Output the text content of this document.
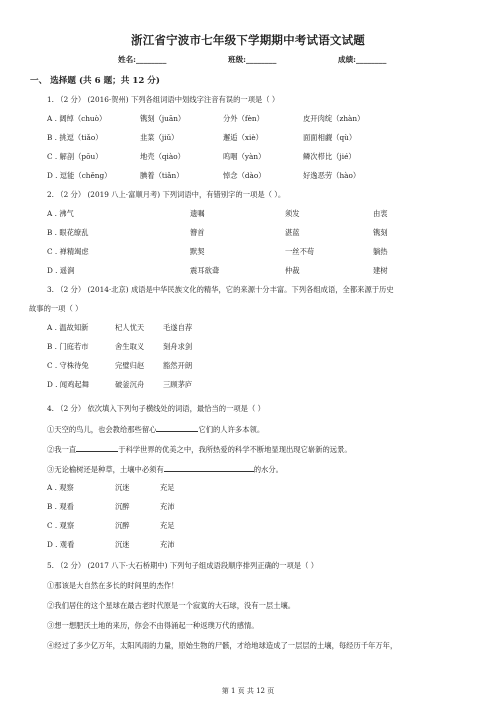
浙江省宁波市七年级下学期期中考试语文试题
姓名:________	班级:________	成绩:________
一、 选择题 (共 6 题；共 12 分)
1. （2 分） (2016·贺州) 下列各组词语中划线字注音有误的一项是（ ）
A . 阔绰（chuò）	镌刻（juān）	分外（fèn）	皮开肉绽（zhàn）
B . 挑逗（tiǎo）	韭菜（jiǔ）	邂逅（xiè）	面面相觑（qù）
C . 解剖（pōu）	地壳（qiào）	呜咽（yàn）	鳞次栉比（jié）
D . 逗能（chěng）	腆着（tiǎn）	悼念（dào）	好逸恶劳（hào）
2. （2 分） (2019 八上·富顺月考) 下列词语中，有错别字的一项是（ ）。
A . 沸气	遗嘱	须发	由衷
B . 眼花缭乱	簪首	湛蓝	镌刻
C . 禅精竭虑	默契	一丝不苟	躺热
D . 遥涧	震耳欲聋	仲裁	建树
3. （2 分） (2014·北京) 成语是中华民族文化的精华，它的来源十分丰富。下列各组成语，全都来源于历史
故事的一项（ ）
A . 温故知新	杞人忧天	毛遂自荐
B . 门庭若市	舍生取义	刻舟求剑
C . 守株待兔	完璧归赵	豁然开朗
D . 闻鸡起舞	破釜沉舟	三顾茅庐
4. （2 分） 依次填入下列句子横线处的词语，最恰当的一项是（ ）
①天空的鸟儿，也会教给那些留心	它们的人许多本领。
②我一直	于科学世界的优美之中，我所热爱的科学不断地显现出现它崭新的远景。
③无论榆树还是种草，土壤中必须有	的水分。
A . 观察	沉迷	充足
B . 观看	沉醉	充沛
C . 观察	沉醉	充足
D . 观看	沉迷	充沛
5. （2 分） (2017 八下·大石桥期中) 下列句子组成语段顺序排列正确的一项是（ ）
①那该是大自然在多长的时间里的杰作！
②我们居住的这个星球在最古老时代原是一个寂寞的大石球，没有一层土壤。
③想一想肥沃土地的来历，你会不由得涌起一种返璞万代的感情。
④经过了多少亿万年，太阳风雨的力量，原始生物的尸骸，才给地球造成了一层层的土壤，每经历千年万年，
第 1 页 共 12 页
